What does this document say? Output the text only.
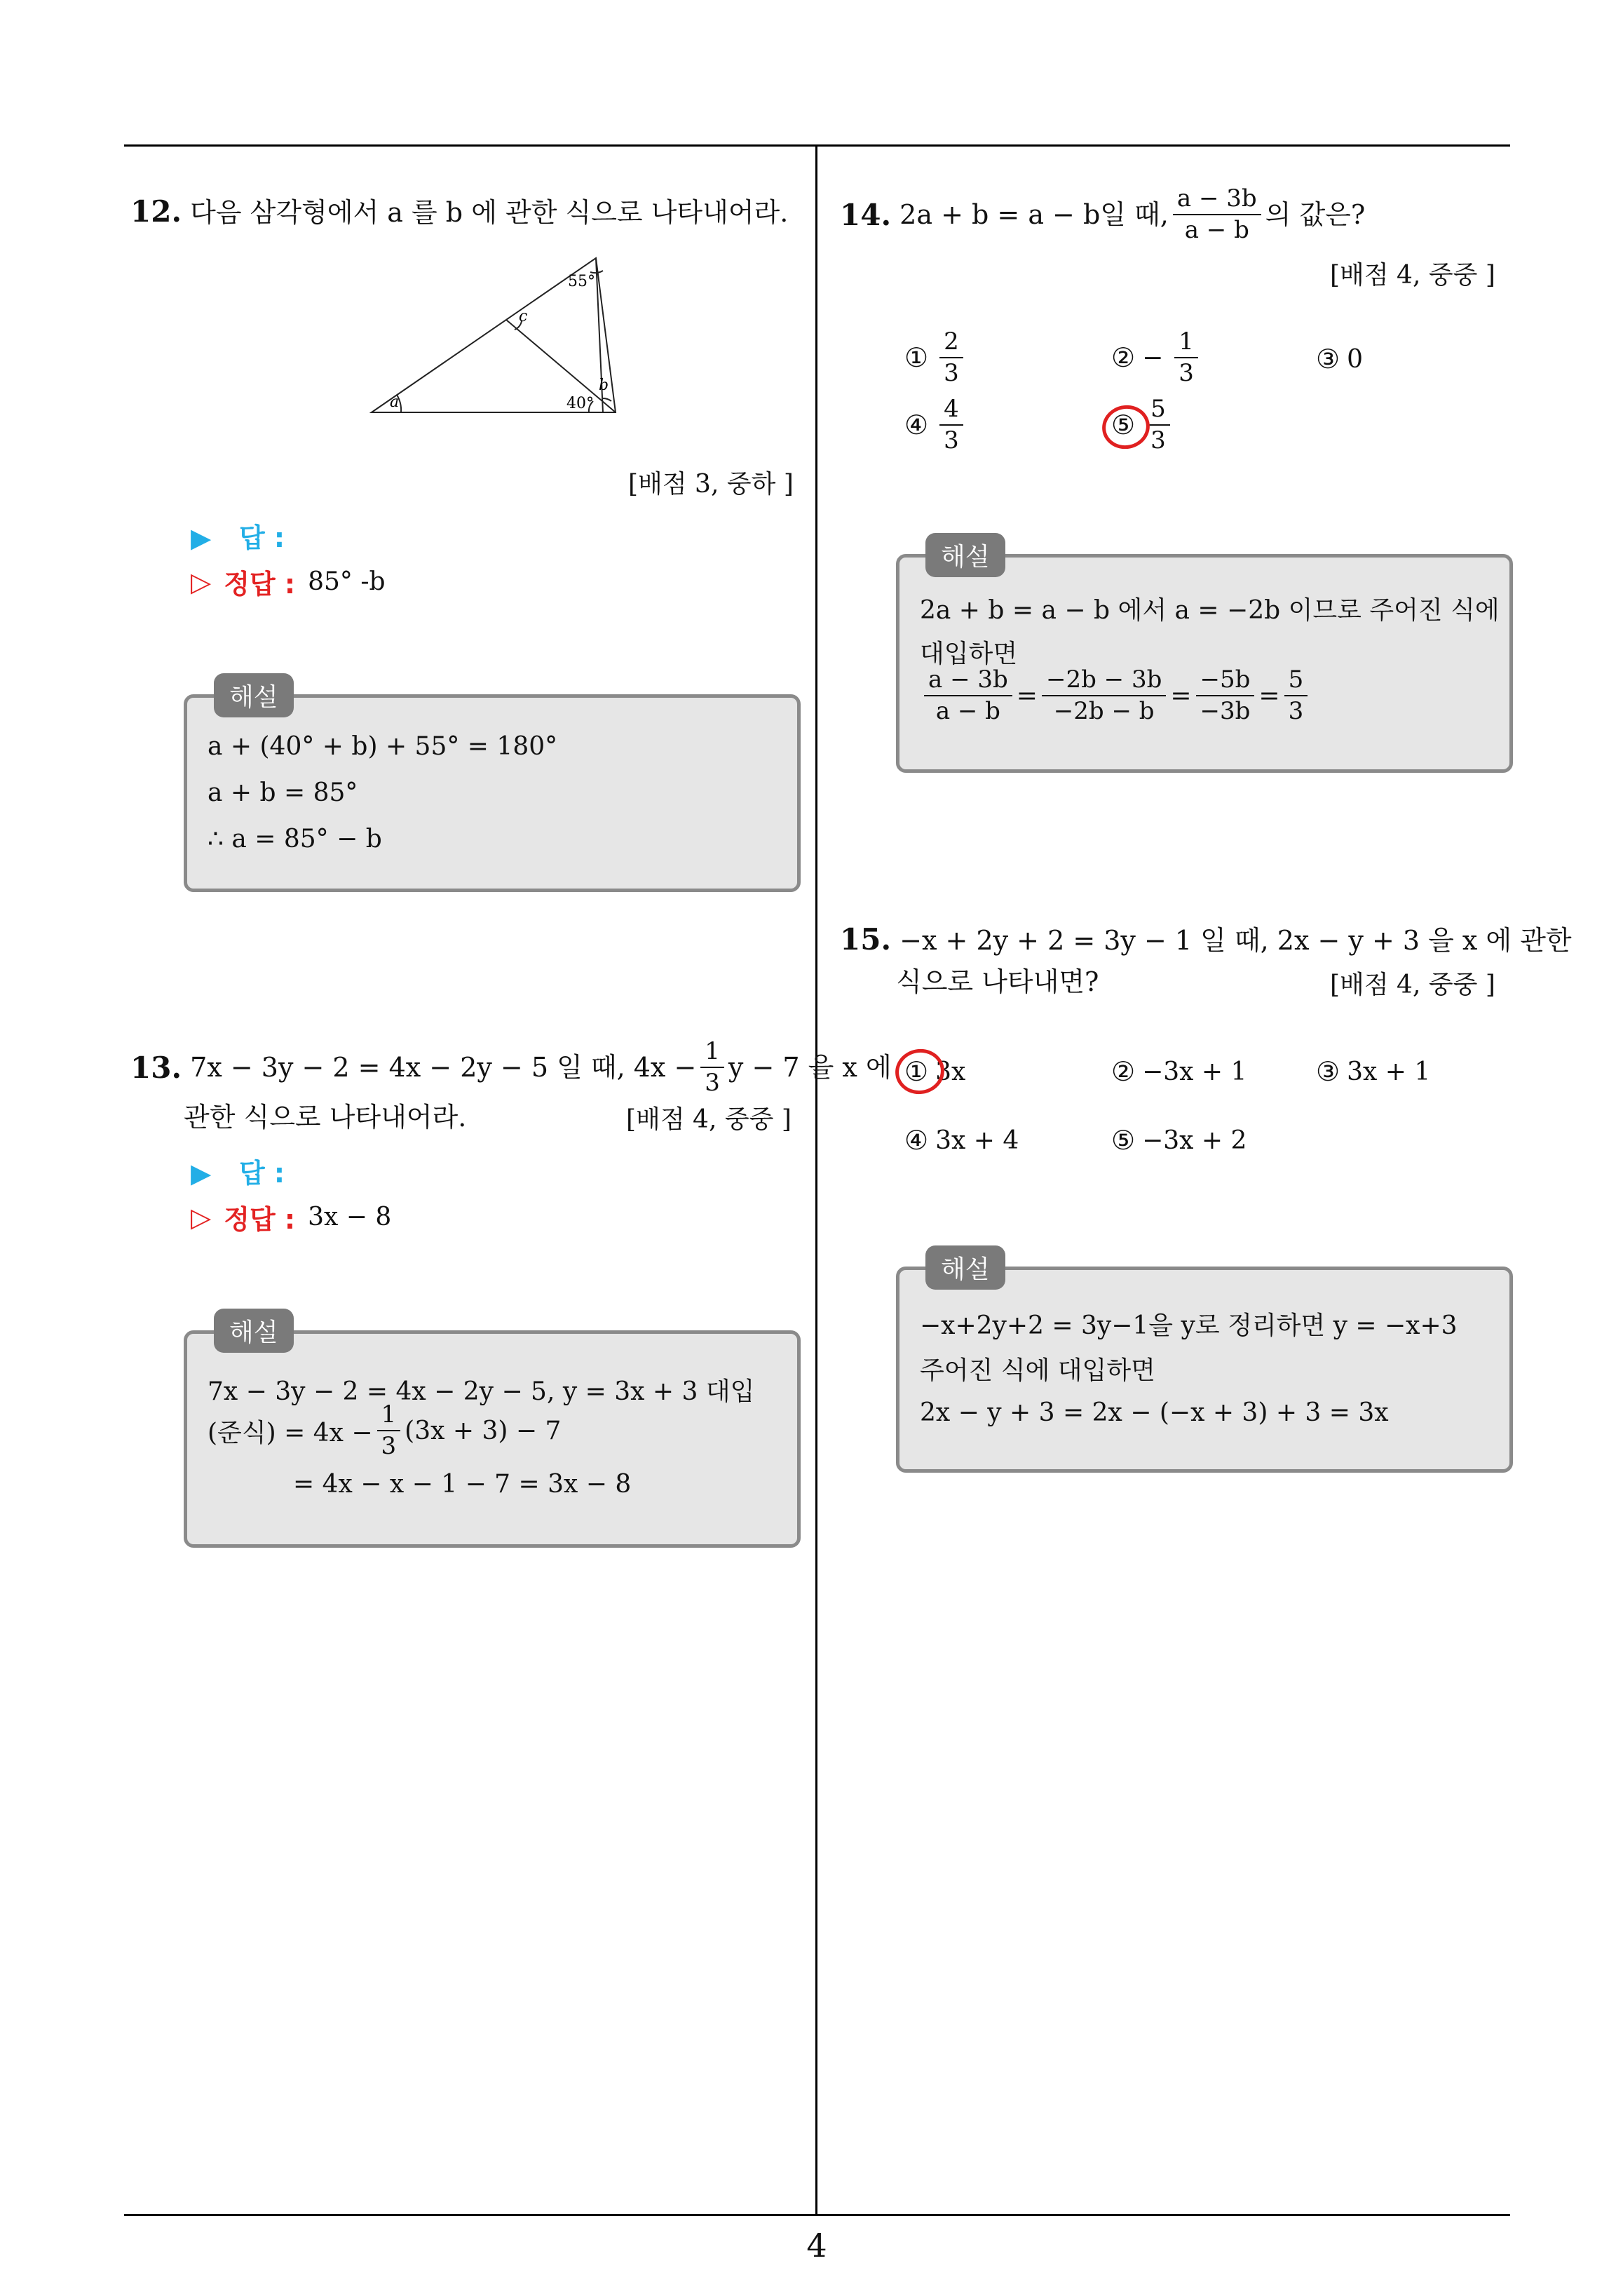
4
12. 다음 삼각형에서 a 를 b 에 관한 식으로 나타내어라.
55°
c
a
b
40°
[배점 3, 중하 ]
▶ 답 :
▷ 정답 : 85° -b
해설
a + (40° + b) + 55° = 180°
a + b = 85°
∴ a = 85° − b
13.
7x − 3y − 2 = 4x − 2y − 5 일 때, $4x - \frac{1}{3}$ y − 7 을 x 에
관한 식으로 나타내어라.	[배점 4, 중중 ]
▶ 답 :
▷ 정답 : 3x − 8
해설
7x − 3y − 2 = 4x − 2y − 5, y = 3x + 3 대입
(준식) = $4x - \frac{1}{3} (3x + 3) - 7$
= 4x − x − 1 − 7 = 3x − 8
14.
2a + b = a − b일 때, $\frac{a - 3b}{a - b}$ 의 값은?
[배점 4, 중중 ]
① $\frac{2}{3}$	② − $\frac{1}{3}$	③ 0
④ $\frac{4}{3}$	⑤ $\frac{5}{3}$
해설
2a + b = a − b 에서 a = −2b 이므로 주어진 식에
대입하면
$\frac{a - 3b}{a - b} = \frac{-2b - 3b}{-2b - b} = \frac{-5b}{-3b} = \frac{5}{3}$
15. −x + 2y + 2 = 3y − 1 일 때, 2x − y + 3 을 x 에 관한
식으로 나타내면?	[배점 4, 중중 ]
① 3x	② −3x + 1	③ 3x + 1
④ 3x + 4	⑤ −3x + 2
해설
−x+2y+2 = 3y−1을 y로 정리하면 y = −x+3
주어진 식에 대입하면
2x − y + 3 = 2x − (−x + 3) + 3 = 3x
